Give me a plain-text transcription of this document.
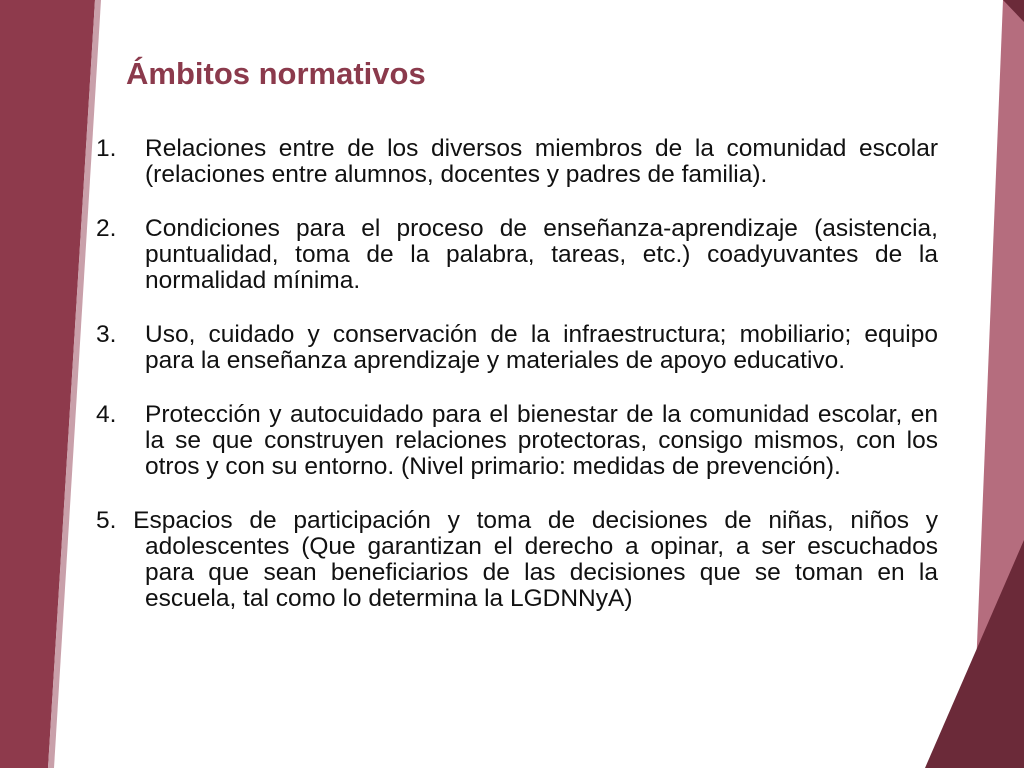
Ámbitos normativos
1. Relaciones entre de los diversos miembros de la comunidad escolar (relaciones entre alumnos, docentes y padres de familia).
2. Condiciones para el proceso de enseñanza-aprendizaje (asistencia, puntualidad, toma de la palabra, tareas, etc.) coadyuvantes de la normalidad mínima.
3. Uso, cuidado y conservación de la infraestructura; mobiliario; equipo para la enseñanza aprendizaje y materiales de apoyo educativo.
4. Protección y autocuidado para el bienestar de la comunidad escolar, en la se que construyen relaciones protectoras, consigo mismos, con los otros y con su entorno. (Nivel primario: medidas de prevención).
5. Espacios de participación y toma de decisiones de niñas, niños y adolescentes (Que garantizan el derecho a opinar, a ser escuchados para que sean beneficiarios de las decisiones que se toman en la escuela, tal como lo determina la LGDNNyA)
